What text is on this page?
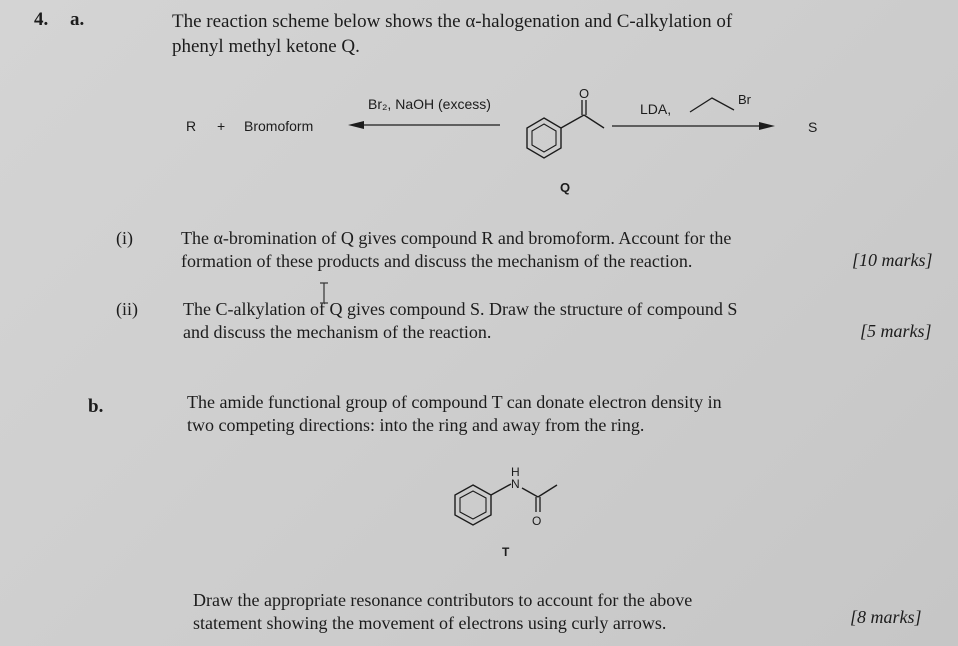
4. a.	The reaction scheme below shows the α-halogenation and C-alkylation of
phenyl methyl ketone Q.
R + Bromoform
Br₂, NaOH (excess)	LDA,
S
Br
O
Q
(i)	The α-bromination of Q gives compound R and bromoform. Account for the
formation of these products and discuss the mechanism of the reaction.	[10 marks]
(ii)	The C-alkylation of Q gives compound S. Draw the structure of compound S
and discuss the mechanism of the reaction.	[5 marks]
b.	The amide functional group of compound T can donate electron density in
two competing directions: into the ring and away from the ring.
H
N
O
T
Draw the appropriate resonance contributors to account for the above
statement showing the movement of electrons using curly arrows.	[8 marks]
